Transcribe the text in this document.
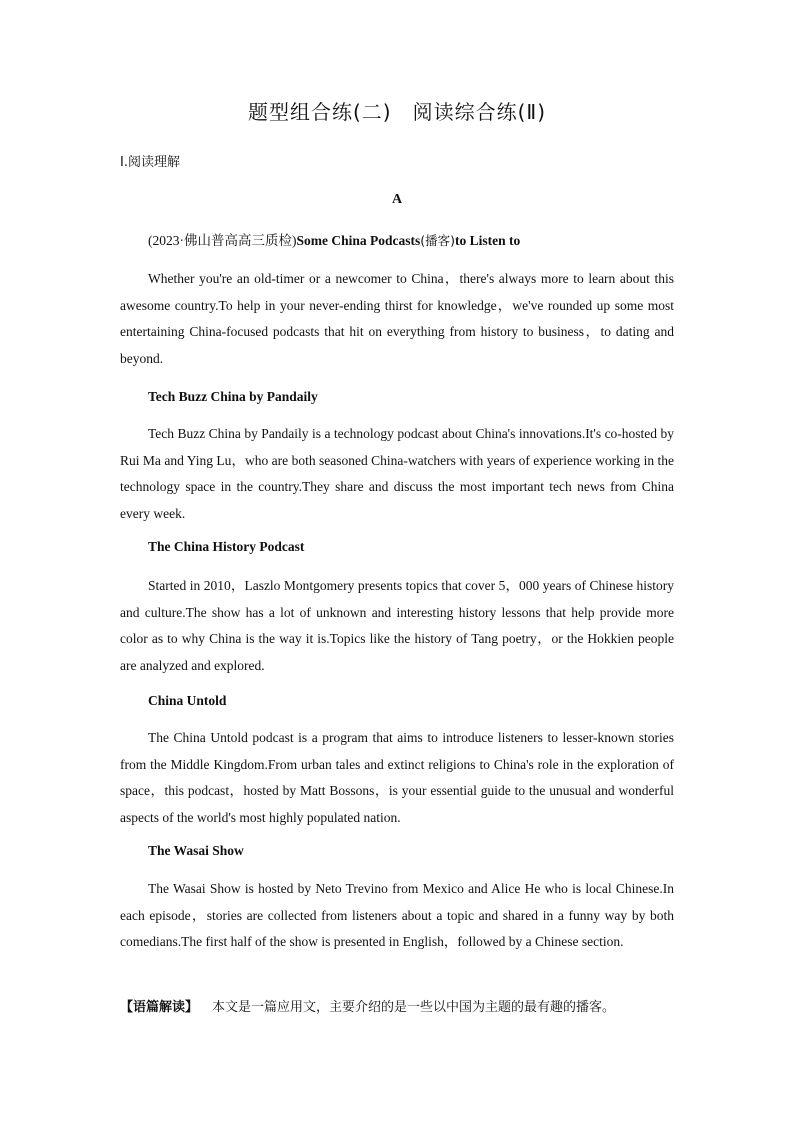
题型组合练(二)　阅读综合练(Ⅱ)
Ⅰ.阅读理解
A
(2023·佛山普高高三质检)Some China Podcasts(播客)to Listen to
Whether you're an old-timer or a newcomer to China，there's always more to learn about this awesome country.To help in your never-ending thirst for knowledge，we've rounded up some most entertaining China-focused podcasts that hit on everything from history to business，to dating and beyond.
Tech Buzz China by Pandaily
Tech Buzz China by Pandaily is a technology podcast about China's innovations.It's co-hosted by Rui Ma and Ying Lu，who are both seasoned China-watchers with years of experience working in the technology space in the country.They share and discuss the most important tech news from China every week.
The China History Podcast
Started in 2010，Laszlo Montgomery presents topics that cover 5，000 years of Chinese history and culture.The show has a lot of unknown and interesting history lessons that help provide more color as to why China is the way it is.Topics like the history of Tang poetry，or the Hokkien people are analyzed and explored.
China Untold
The China Untold podcast is a program that aims to introduce listeners to lesser-known stories from the Middle Kingdom.From urban tales and extinct religions to China's role in the exploration of space，this podcast，hosted by Matt Bossons，is your essential guide to the unusual and wonderful aspects of the world's most highly populated nation.
The Wasai Show
The Wasai Show is hosted by Neto Trevino from Mexico and Alice He who is local Chinese.In each episode，stories are collected from listeners about a topic and shared in a funny way by both comedians.The first half of the show is presented in English，followed by a Chinese section.
【语篇解读】 本文是一篇应用文，主要介绍的是一些以中国为主题的最有趣的播客。
